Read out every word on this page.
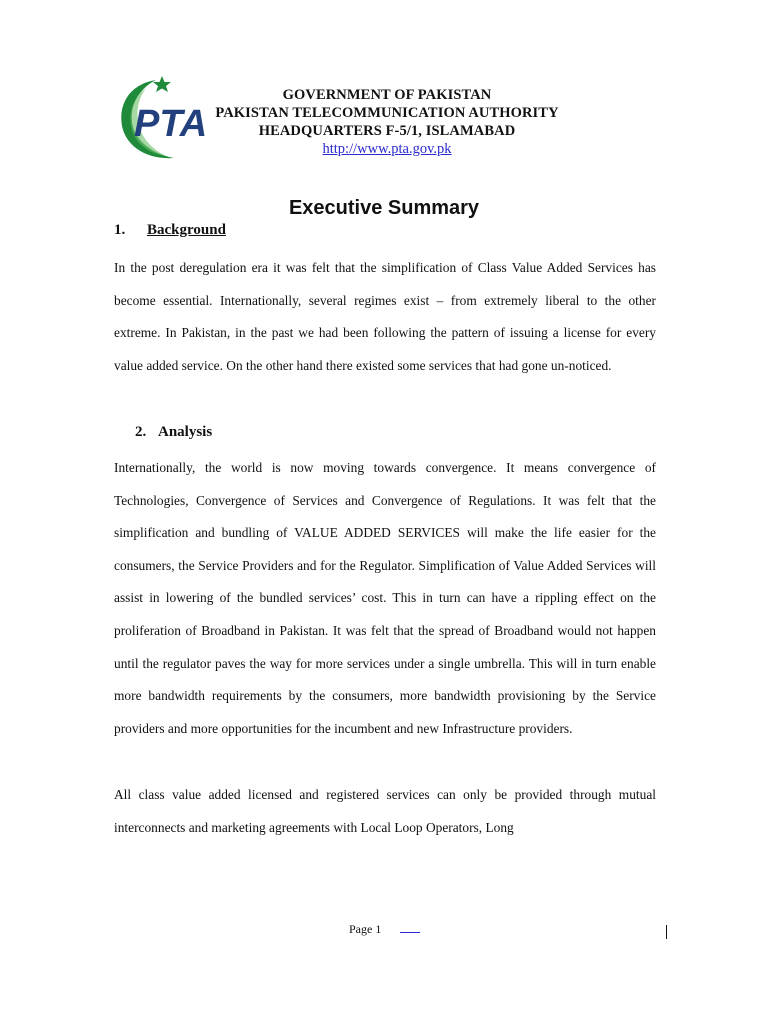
PTA
GOVERNMENT OF PAKISTAN
PAKISTAN TELECOMMUNICATION AUTHORITY
HEADQUARTERS F-5/1, ISLAMABAD
http://www.pta.gov.pk
Executive Summary
1. Background

In the post deregulation era it was felt that the simplification of Class Value Added Services has become essential. Internationally, several regimes exist – from extremely liberal to the other extreme. In Pakistan, in the past we had been following the pattern of issuing a license for every value added service. On the other hand there existed some services that had gone un-noticed.

2. Analysis

Internationally, the world is now moving towards convergence. It means convergence of Technologies, Convergence of Services and Convergence of Regulations. It was felt that the simplification and bundling of VALUE ADDED SERVICES will make the life easier for the consumers, the Service Providers and for the Regulator. Simplification of Value Added Services will assist in lowering of the bundled services’ cost. This in turn can have a rippling effect on the proliferation of Broadband in Pakistan. It was felt that the spread of Broadband would not happen until the regulator paves the way for more services under a single umbrella. This will in turn enable more bandwidth requirements by the consumers, more bandwidth provisioning by the Service providers and more opportunities for the incumbent and new Infrastructure providers.

All class value added licensed and registered services can only be provided through mutual interconnects and marketing agreements with Local Loop Operators, Long

Page 1
